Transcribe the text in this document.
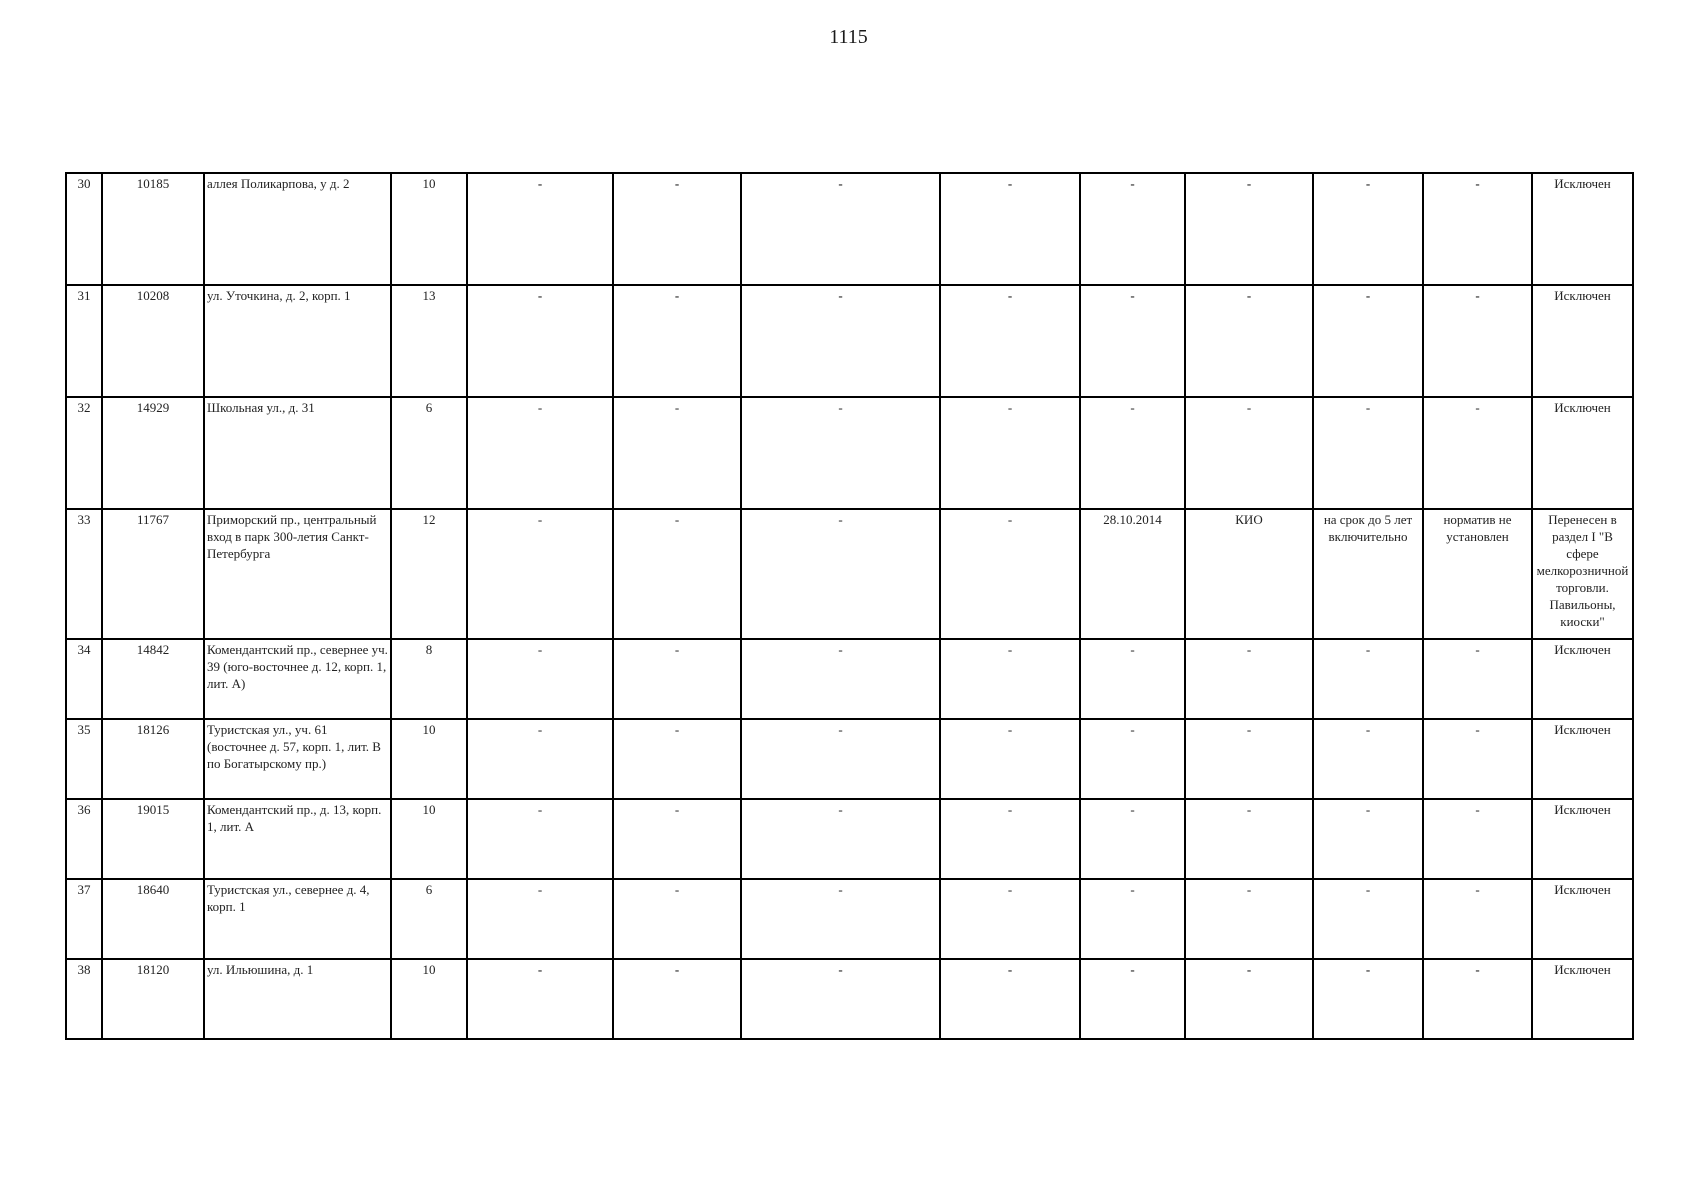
1115
30	10185	аллея Поликарпова, у д. 2	10	-	-	-	-	-	-	-	-	Исключен
31	10208	ул. Уточкина, д. 2, корп. 1	13	-	-	-	-	-	-	-	-	Исключен
32	14929	Школьная ул., д. 31	6	-	-	-	-	-	-	-	-	Исключен
33	11767	Приморский пр., центральный вход в парк 300-летия Санкт-Петербурга	12	-	-	-	-	28.10.2014	КИО	на срок до 5 лет включительно	норматив не установлен	Перенесен в раздел I "В сфере мелкорозничной торговли. Павильоны, киоски"
34	14842	Комендантский пр., севернее уч. 39 (юго-восточнее д. 12, корп. 1, лит. А)	8	-	-	-	-	-	-	-	-	Исключен
35	18126	Туристская ул., уч. 61 (восточнее д. 57, корп. 1, лит. В по Богатырскому пр.)	10	-	-	-	-	-	-	-	-	Исключен
36	19015	Комендантский пр., д. 13, корп. 1, лит. А	10	-	-	-	-	-	-	-	-	Исключен
37	18640	Туристская ул., севернее д. 4, корп. 1	6	-	-	-	-	-	-	-	-	Исключен
38	18120	ул. Ильюшина, д. 1	10	-	-	-	-	-	-	-	-	Исключен
